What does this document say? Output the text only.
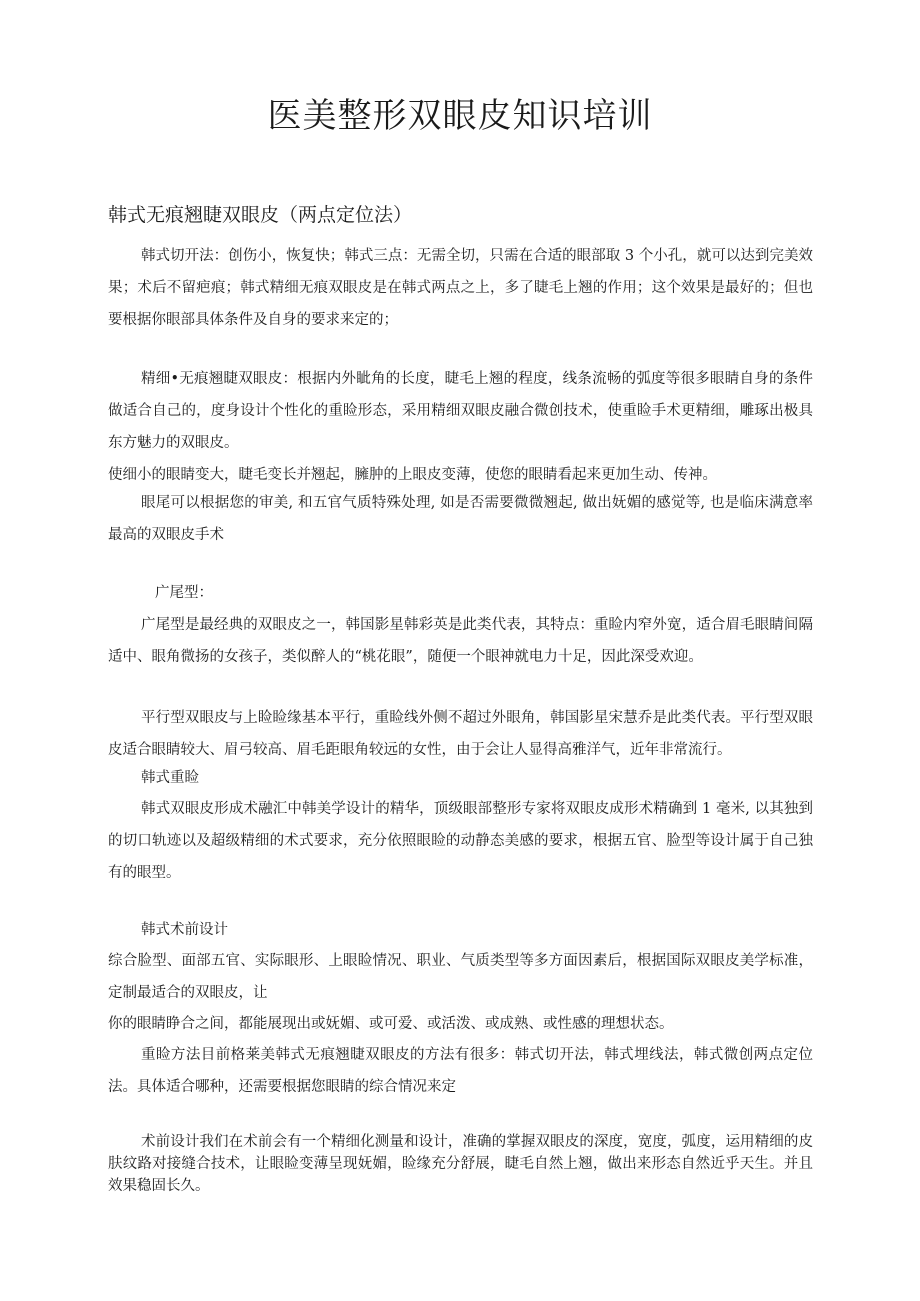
医美整形双眼皮知识培训
韩式无痕翘睫双眼皮（两点定位法）

韩式切开法：创伤小，恢复快；韩式三点：无需全切，只需在合适的眼部取 3 个小孔，就可以达到完美效果；术后不留疤痕；韩式精细无痕双眼皮是在韩式两点之上，多了睫毛上翘的作用；这个效果是最好的；但也要根据你眼部具体条件及自身的要求来定的；

精细•无痕翘睫双眼皮：根据内外眦角的长度，睫毛上翘的程度，线条流畅的弧度等很多眼睛自身的条件做适合自己的，度身设计个性化的重睑形态，采用精细双眼皮融合微创技术，使重睑手术更精细，雕琢出极具东方魅力的双眼皮。

使细小的眼睛变大，睫毛变长并翘起，臃肿的上眼皮变薄，使您的眼睛看起来更加生动、传神。

眼尾可以根据您的审美, 和五官气质特殊处理, 如是否需要微微翘起, 做出妩媚的感觉等, 也是临床满意率最高的双眼皮手术

广尾型：

广尾型是最经典的双眼皮之一，韩国影星韩彩英是此类代表，其特点：重睑内窄外宽，适合眉毛眼睛间隔适中、眼角微扬的女孩子，类似醉人的“桃花眼”，随便一个眼神就电力十足，因此深受欢迎。

平行型双眼皮与上睑睑缘基本平行，重睑线外侧不超过外眼角，韩国影星宋慧乔是此类代表。平行型双眼皮适合眼睛较大、眉弓较高、眉毛距眼角较远的女性，由于会让人显得高雅洋气，近年非常流行。

韩式重睑

韩式双眼皮形成术融汇中韩美学设计的精华，顶级眼部整形专家将双眼皮成形术精确到 1 毫米, 以其独到的切口轨迹以及超级精细的术式要求，充分依照眼睑的动静态美感的要求，根据五官、脸型等设计属于自己独有的眼型。

韩式术前设计

综合脸型、面部五官、实际眼形、上眼睑情况、职业、气质类型等多方面因素后，根据国际双眼皮美学标准，定制最适合的双眼皮，让

你的眼睛睁合之间，都能展现出或妩媚、或可爱、或活泼、或成熟、或性感的理想状态。

重睑方法目前格莱美韩式无痕翘睫双眼皮的方法有很多：韩式切开法，韩式埋线法，韩式微创两点定位法。具体适合哪种，还需要根据您眼睛的综合情况来定

术前设计我们在术前会有一个精细化测量和设计，准确的掌握双眼皮的深度，宽度，弧度，运用精细的皮肤纹路对接缝合技术，让眼睑变薄呈现妩媚，睑缘充分舒展，睫毛自然上翘，做出来形态自然近乎天生。并且效果稳固长久。
